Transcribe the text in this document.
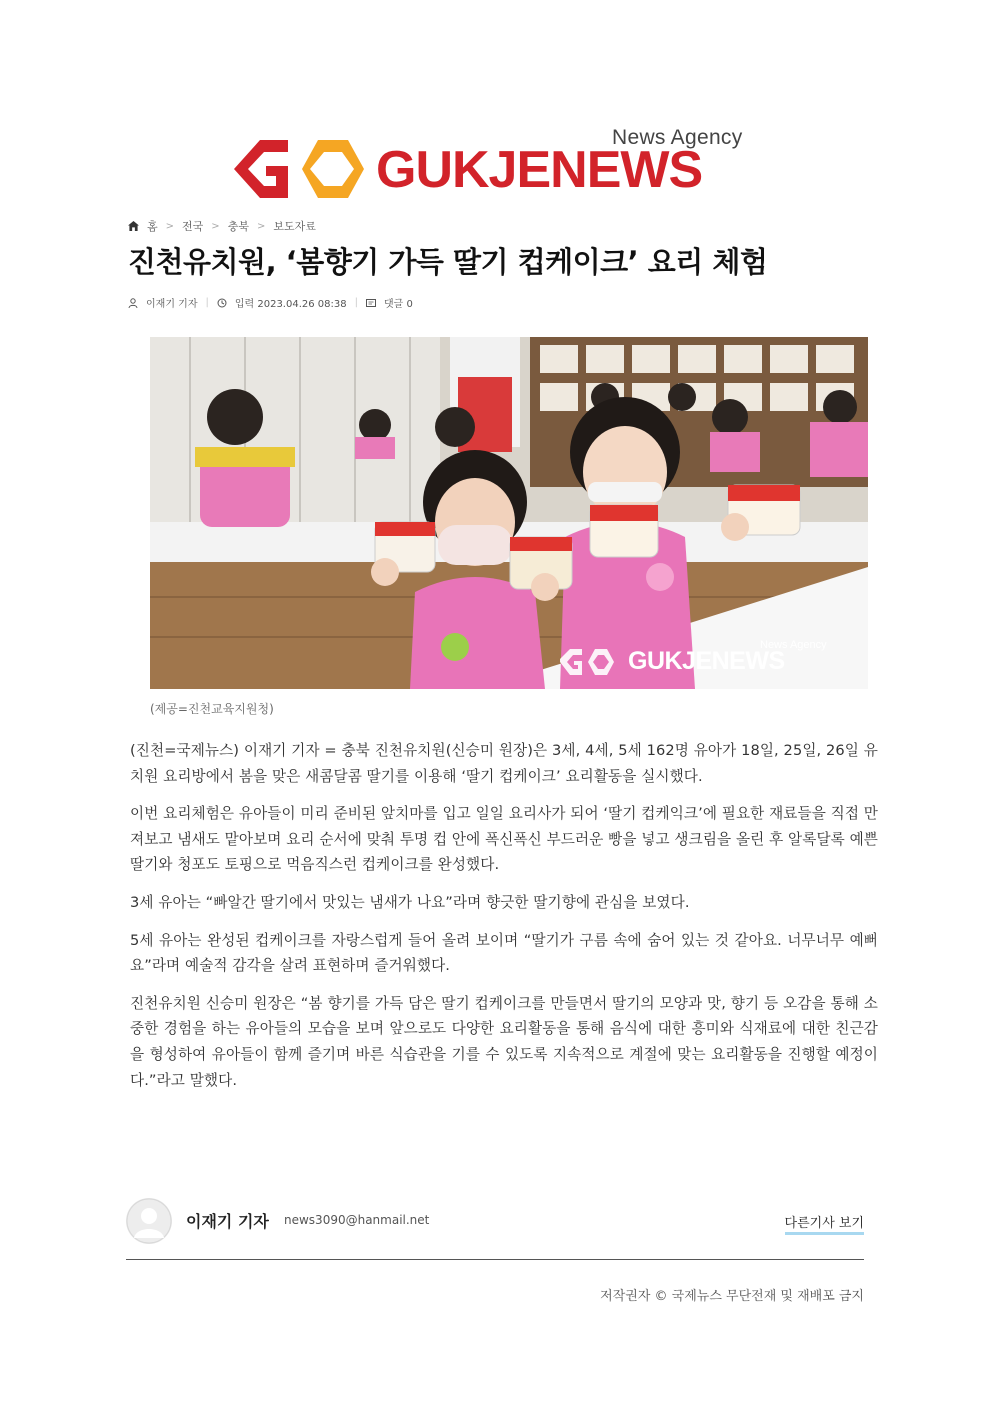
News Agency
GUKJENEWS
홈 > 전국 > 충북 > 보도자료
진천유치원, ‘봄향기 가득 딸기 컵케이크’ 요리 체험
이재기 기자 |	입력 2023.04.26 08:38 |	댓글 0
News Agency
GUKJENEWS
(제공=진천교육지원청)

(진천=국제뉴스) 이재기 기자 = 충북 진천유치원(신승미 원장)은 3세, 4세, 5세 162명 유아가 18일, 25일, 26일 유치원 요리방에서 봄을 맞은 새콤달콤 딸기를 이용해 ‘딸기 컵케이크’ 요리활동을 실시했다.

이번 요리체험은 유아들이 미리 준비된 앞치마를 입고 일일 요리사가 되어 ‘딸기 컵케익크’에 필요한 재료들을 직접 만져보고 냄새도 맡아보며 요리 순서에 맞춰 투명 컵 안에 폭신폭신 부드러운 빵을 넣고 생크림을 올린 후 알록달록 예쁜 딸기와 청포도 토핑으로 먹음직스런 컵케이크를 완성했다.

3세 유아는 “빠알간 딸기에서 맛있는 냄새가 나요”라며 향긋한 딸기향에 관심을 보였다.

5세 유아는 완성된 컵케이크를 자랑스럽게 들어 올려 보이며 “딸기가 구름 속에 숨어 있는 것 같아요. 너무너무 예뻐요”라며 예술적 감각을 살려 표현하며 즐거워했다.

진천유치원 신승미 원장은 “봄 향기를 가득 담은 딸기 컵케이크를 만들면서 딸기의 모양과 맛, 향기 등 오감을 통해 소중한 경험을 하는 유아들의 모습을 보며 앞으로도 다양한 요리활동을 통해 음식에 대한 흥미와 식재료에 대한 친근감을 형성하여 유아들이 함께 즐기며 바른 식습관을 기를 수 있도록 지속적으로 계절에 맞는 요리활동을 진행할 예정이다.”라고 말했다.

이재기 기자 news3090@hanmail.net	다른기사 보기
저작권자 © 국제뉴스 무단전재 및 재배포 금지
